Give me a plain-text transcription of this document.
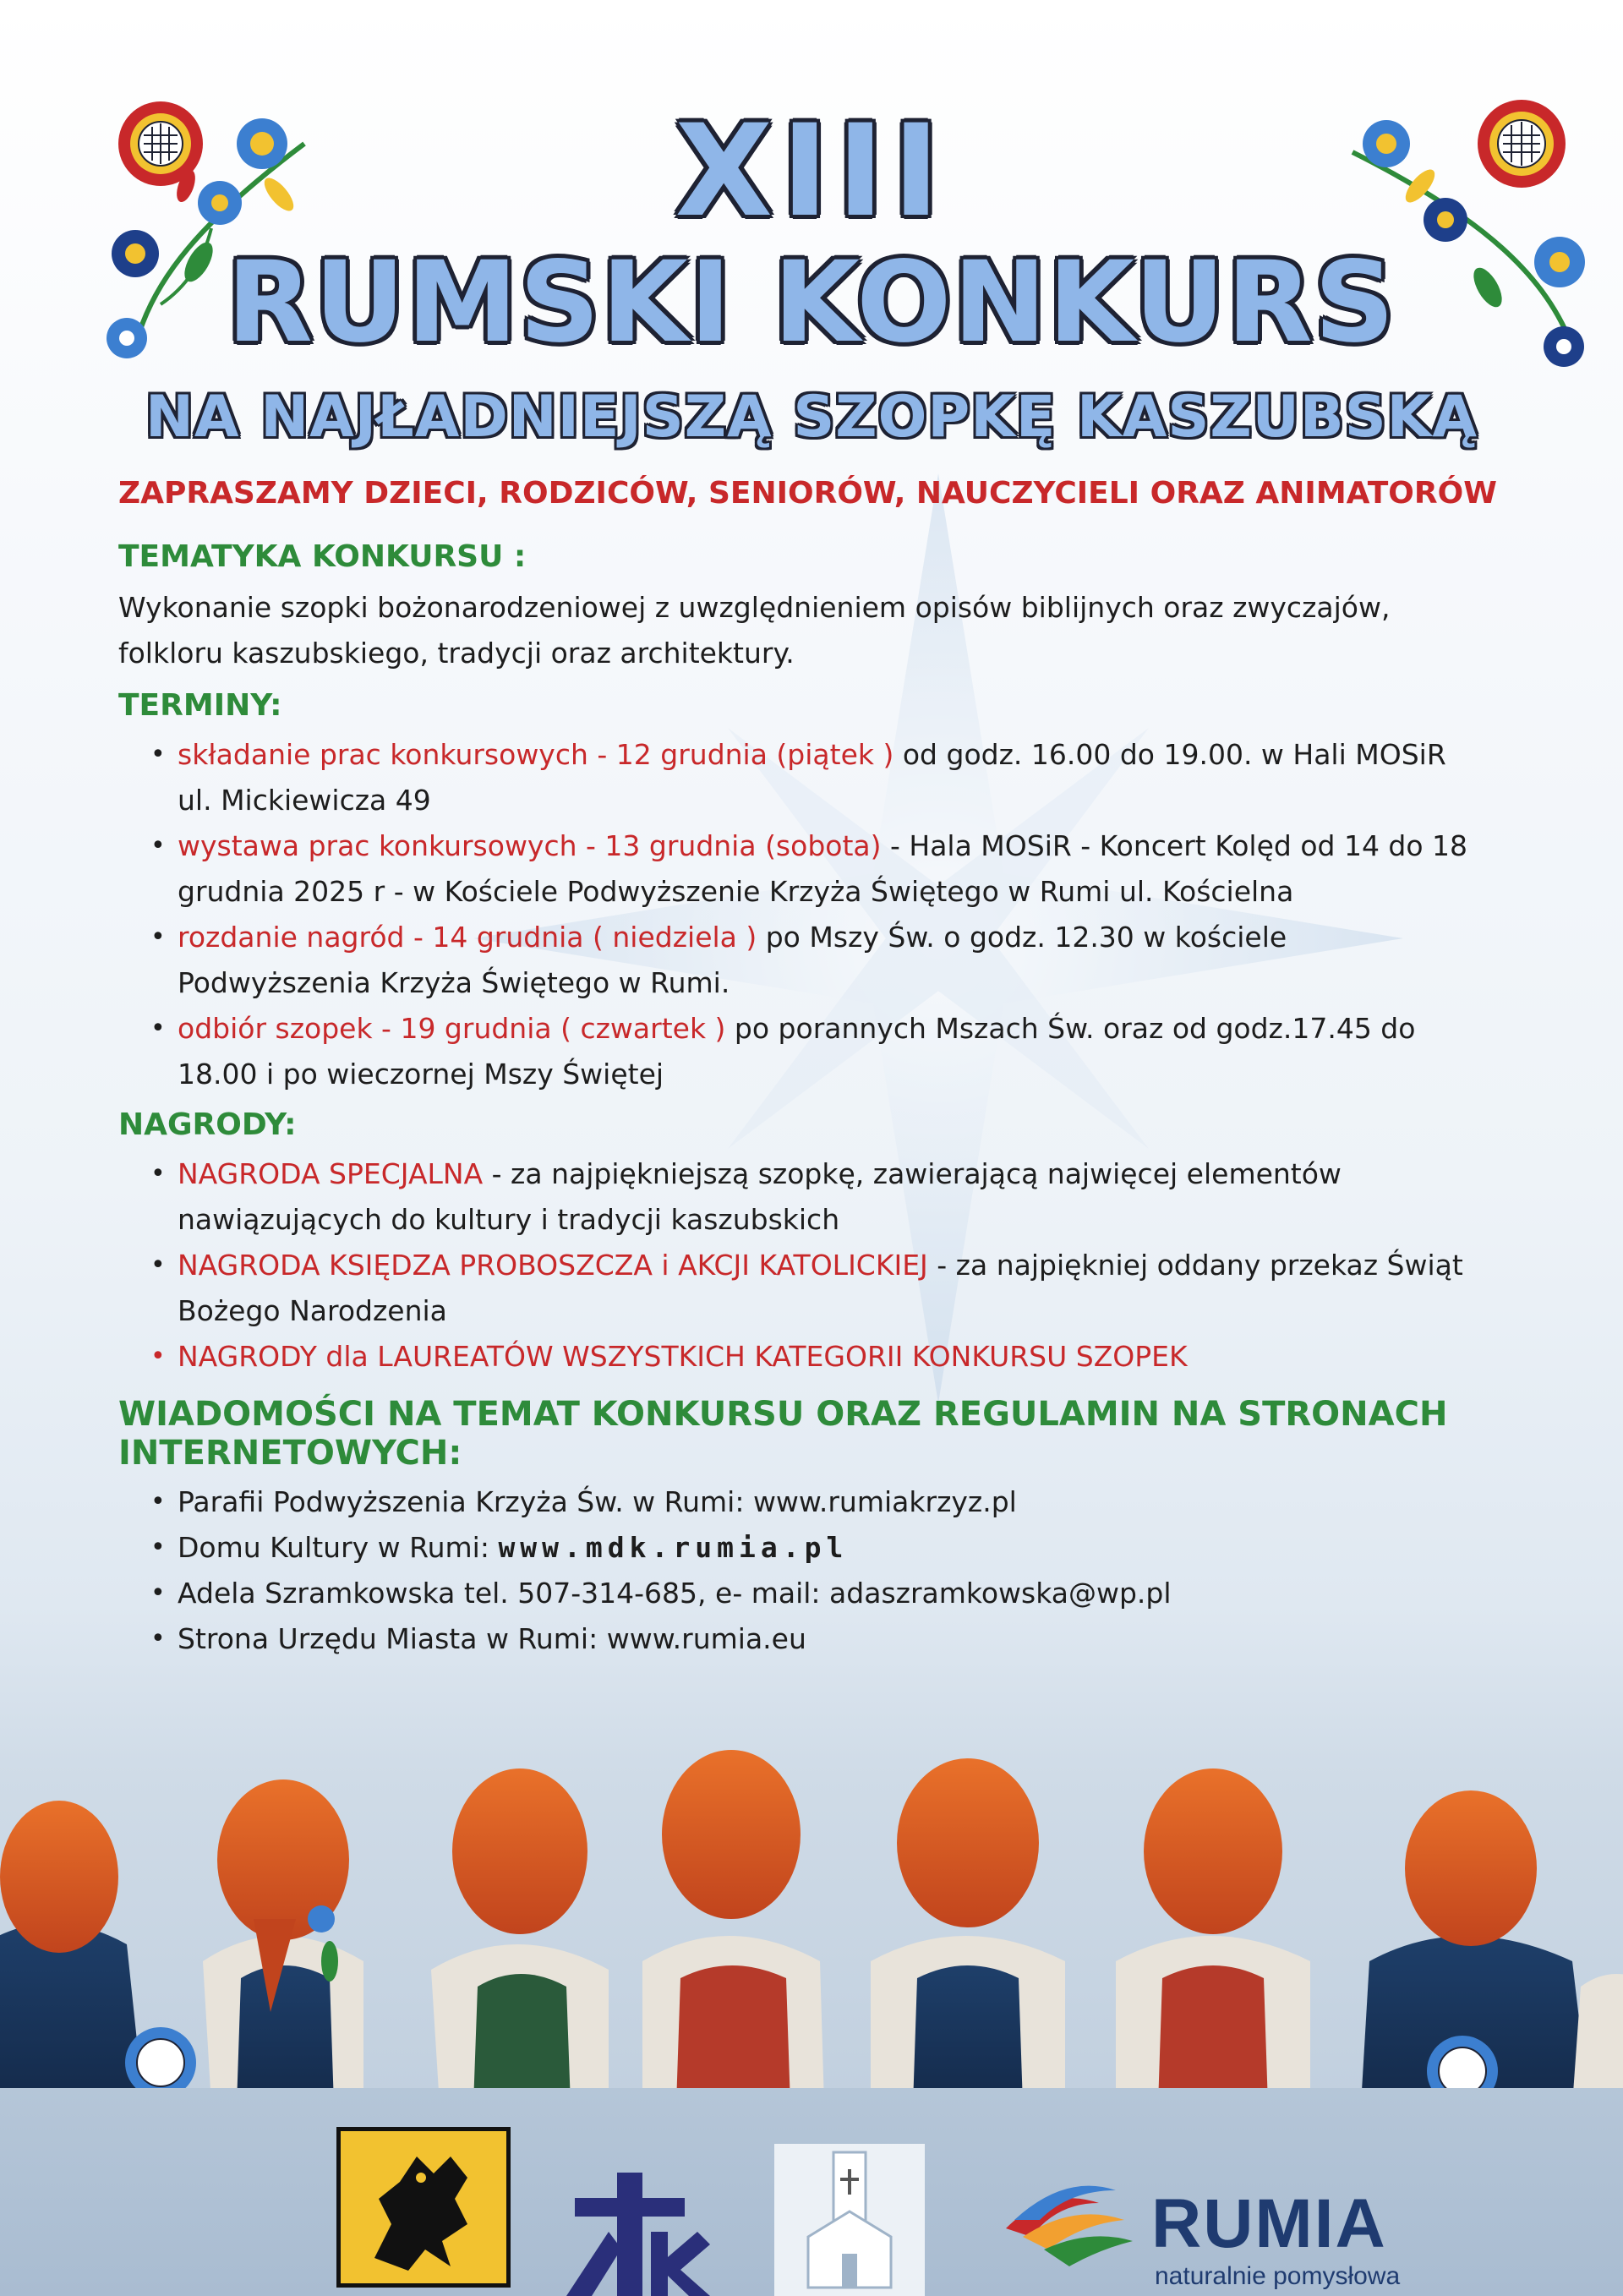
XIII
RUMSKI KONKURS
NA NAJŁADNIEJSZĄ SZOPKĘ KASZUBSKĄ
ZAPRASZAMY DZIECI, RODZICÓW, SENIORÓW, NAUCZYCIELI ORAZ ANIMATORÓW
TEMATYKA KONKURSU :
Wykonanie szopki bożonarodzeniowej z uwzględnieniem opisów biblijnych oraz zwyczajów,
folkloru kaszubskiego, tradycji oraz architektury.
TERMINY:
• składanie prac konkursowych - 12 grudnia (piątek ) od godz. 16.00 do 19.00. w Hali MOSiR
ul. Mickiewicza 49
• wystawa prac konkursowych - 13 grudnia (sobota) - Hala MOSiR - Koncert Kolęd od 14 do 18
grudnia 2025 r - w Kościele Podwyższenie Krzyża Świętego w Rumi ul. Kościelna
• rozdanie nagród - 14 grudnia ( niedziela ) po Mszy Św. o godz. 12.30 w kościele
Podwyższenia Krzyża Świętego w Rumi.
• odbiór szopek - 19 grudnia ( czwartek ) po porannych Mszach Św. oraz od godz.17.45 do
18.00 i po wieczornej Mszy Świętej
NAGRODY:
• NAGRODA SPECJALNA - za najpiękniejszą szopkę, zawierającą najwięcej elementów
nawiązujących do kultury i tradycji kaszubskich
• NAGRODA KSIĘDZA PROBOSZCZA i AKCJI KATOLICKIEJ - za najpiękniej oddany przekaz Świąt
Bożego Narodzenia
• NAGRODY dla LAUREATÓW WSZYSTKICH KATEGORII KONKURSU SZOPEK
WIADOMOŚCI NA TEMAT KONKURSU ORAZ REGULAMIN NA STRONACH
INTERNETOWYCH:
• Parafii Podwyższenia Krzyża Św. w Rumi: www.rumiakrzyz.pl
• Domu Kultury w Rumi: www.mdk.rumia.pl
• Adela Szramkowska tel. 507-314-685, e- mail: adaszramkowska@wp.pl
• Strona Urzędu Miasta w Rumi: www.rumia.eu
RUMIA
naturalnie pomysłowa
